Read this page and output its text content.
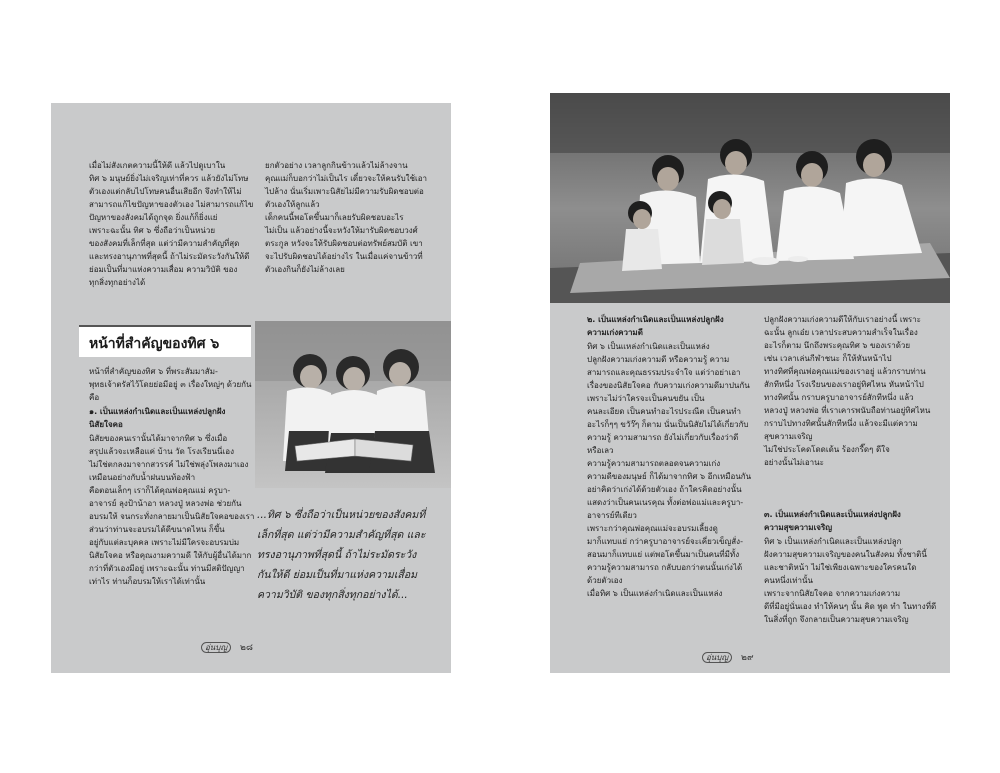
เมื่อไม่สังเกตความนี้ให้ดี แล้วไปดูเบาใน
ทิศ ๖ มนุษย์ยิ่งไม่เจริญเท่าที่ควร แล้วยังไม่โทษ
ตัวเองแต่กลับไปโทษคนอื่นเสียอีก จึงทำให้ไม่
สามารถแก้ไขปัญหาของตัวเอง ไม่สามารถแก้ไข
ปัญหาของสังคมได้ถูกจุด ยิ่งแก้ก็ยิ่งแย่
เพราะฉะนั้น ทิศ ๖ ซึ่งถือว่าเป็นหน่วย
ของสังคมที่เล็กที่สุด แต่ว่ามีความสำคัญที่สุด
และทรงอานุภาพที่สุดนี้ ถ้าไม่ระมัดระวังกันให้ดี
ย่อมเป็นที่มาแห่งความเสื่อม ความวิบัติ ของ
ทุกสิ่งทุกอย่างได้
ยกตัวอย่าง เวลาลูกกินข้าวแล้วไม่ล้างจาน
คุณแม่ก็บอกว่าไม่เป็นไร เดี๋ยวจะให้คนรับใช้เอา
ไปล้าง นั่นเริ่มเพาะนิสัยไม่มีความรับผิดชอบต่อ
ตัวเองให้ลูกแล้ว
เด็กคนนี้พอโตขึ้นมาก็เลยรับผิดชอบอะไร
ไม่เป็น แล้วอย่างนี้จะหวังให้มารับผิดชอบวงศ์
ตระกูล หวังจะให้รับผิดชอบต่อทรัพย์สมบัติ เขา
จะไปรับผิดชอบได้อย่างไร ในเมื่อแค่จานข้าวที่
ตัวเองกินก็ยังไม่ล้างเลย
หน้าที่สำคัญของทิศ ๖
หน้าที่สำคัญของทิศ ๖ ที่พระสัมมาสัม-
พุทธเจ้าตรัสไว้โดยย่อมีอยู่ ๓ เรื่องใหญ่ๆ ด้วยกัน
คือ
๑. เป็นแหล่งกำเนิดและเป็นแหล่งปลูกฝัง
นิสัยใจคอ
นิสัยของคนเรานั้นได้มาจากทิศ ๖ ซึ่งเมื่อ
สรุปแล้วจะเหลือแค่ บ้าน วัด โรงเรียนนี่เอง
ไม่ใช่ตกลงมาจากสวรรค์ ไม่ใช่พลุ่งโพลงมาเอง
เหมือนอย่างกับน้ำฝนบนท้องฟ้า
คือตอนเล็กๆ เราก็ได้คุณพ่อคุณแม่ ครูบา-
อาจารย์ ลุงป้าน้าอา หลวงปู่ หลวงพ่อ ช่วยกัน
อบรมให้ จนกระทั่งกลายมาเป็นนิสัยใจคอของเรา
ส่วนว่าท่านจะอบรมได้ดีขนาดไหน ก็ขึ้น
อยู่กับแต่ละบุคคล เพราะไม่มีใครจะอบรมบ่ม
นิสัยใจคอ หรือคุณงามความดี ให้กับผู้อื่นได้มาก
กว่าที่ตัวเองมีอยู่ เพราะฉะนั้น ท่านมีสติปัญญา
เท่าไร ท่านก็อบรมให้เราได้เท่านั้น
...ทิศ ๖ ซึ่งถือว่าเป็นหน่วยของสังคมที่
เล็กที่สุด แต่ว่ามีความสำคัญที่สุด และ
ทรงอานุภาพที่สุดนี้ ถ้าไม่ระมัดระวัง
กันให้ดี ย่อมเป็นที่มาแห่งความเสื่อม
ความวิบัติ ของทุกสิ่งทุกอย่างได้...
อุ่นบุญ ๒๘
๒. เป็นแหล่งกำเนิดและเป็นแหล่งปลูกฝัง
ความเก่งความดี
ทิศ ๖ เป็นแหล่งกำเนิดและเป็นแหล่ง
ปลูกฝังความเก่งความดี หรือความรู้ ความ
สามารถและคุณธรรมประจำใจ แต่ว่าอย่าเอา
เรื่องของนิสัยใจคอ กับความเก่งความดีมาปนกัน
เพราะไม่ว่าใครจะเป็นคนขยัน เป็น
คนละเอียด เป็นคนทำอะไรประณีต เป็นคนทำ
อะไรก็ๆๆ ขวัว๊ๆ ก็ตาม นั่นเป็นนิสัยไม่ได้เกี่ยวกับ
ความรู้ ความสามารถ ยังไม่เกี่ยวกับเรื่องว่าดี
หรือเลว
ความรู้ความสามารถตลอดจนความเก่ง
ความดีของมนุษย์ ก็ได้มาจากทิศ ๖ อีกเหมือนกัน
อย่าคิดว่าเก่งได้ด้วยตัวเอง ถ้าใครคิดอย่างนั้น
แสดงว่าเป็นคนเนรคุณ ทั้งต่อพ่อแม่และครูบา-
อาจารย์ทีเดียว
เพราะกว่าคุณพ่อคุณแม่จะอบรมเลี้ยงดู
มาก็แทบแย่ กว่าครูบาอาจารย์จะเคี่ยวเข็ญสั่ง-
สอนมาก็แทบแย่ แต่พอโตขึ้นมาเป็นคนที่มีทั้ง
ความรู้ความสามารถ กลับบอกว่าตนนั้นเก่งได้
ด้วยตัวเอง
เมื่อทิศ ๖ เป็นแหล่งกำเนิดและเป็นแหล่ง
ปลูกฝังความเก่งความดีให้กับเราอย่างนี้ เพราะ
ฉะนั้น ลูกเอ๋ย เวลาประสบความสำเร็จในเรื่อง
อะไรก็ตาม นึกถึงพระคุณทิศ ๖ ของเราด้วย
เช่น เวลาเล่นกีฬาชนะ ก็ให้หันหน้าไป
ทางทิศที่คุณพ่อคุณแม่ของเราอยู่ แล้วกราบท่าน
สักทีหนึ่ง โรงเรียนของเราอยู่ทิศไหน หันหน้าไป
ทางทิศนั้น กราบครูบาอาจารย์สักทีหนึ่ง แล้ว
หลวงปู่ หลวงพ่อ ที่เราเคารพนับถือท่านอยู่ทิศไหน
กราบไปทางทิศนั้นสักทีหนึ่ง แล้วจะมีแต่ความ
สุขความเจริญ
ไม่ใช่ประโคดโดดเด้น ร้องกรี๊ดๆ ดีใจ
อย่างนั้นไม่เอานะ
๓. เป็นแหล่งกำเนิดและเป็นแหล่งปลูกฝัง
ความสุขความเจริญ
ทิศ ๖ เป็นแหล่งกำเนิดและเป็นแหล่งปลูก
ฝังความสุขความเจริญของคนในสังคม ทั้งชาตินี้
และชาติหน้า ไม่ใช่เพียงเฉพาะของใครคนใด
คนหนึ่งเท่านั้น
เพราะจากนิสัยใจคอ จากความเก่งความ
ดีที่มีอยู่นั่นเอง ทำให้คนๆ นั้น คิด พูด ทำ ในทางที่ดี
ในสิ่งที่ถูก จึงกลายเป็นความสุขความเจริญ
อุ่นบุญ ๒๙
